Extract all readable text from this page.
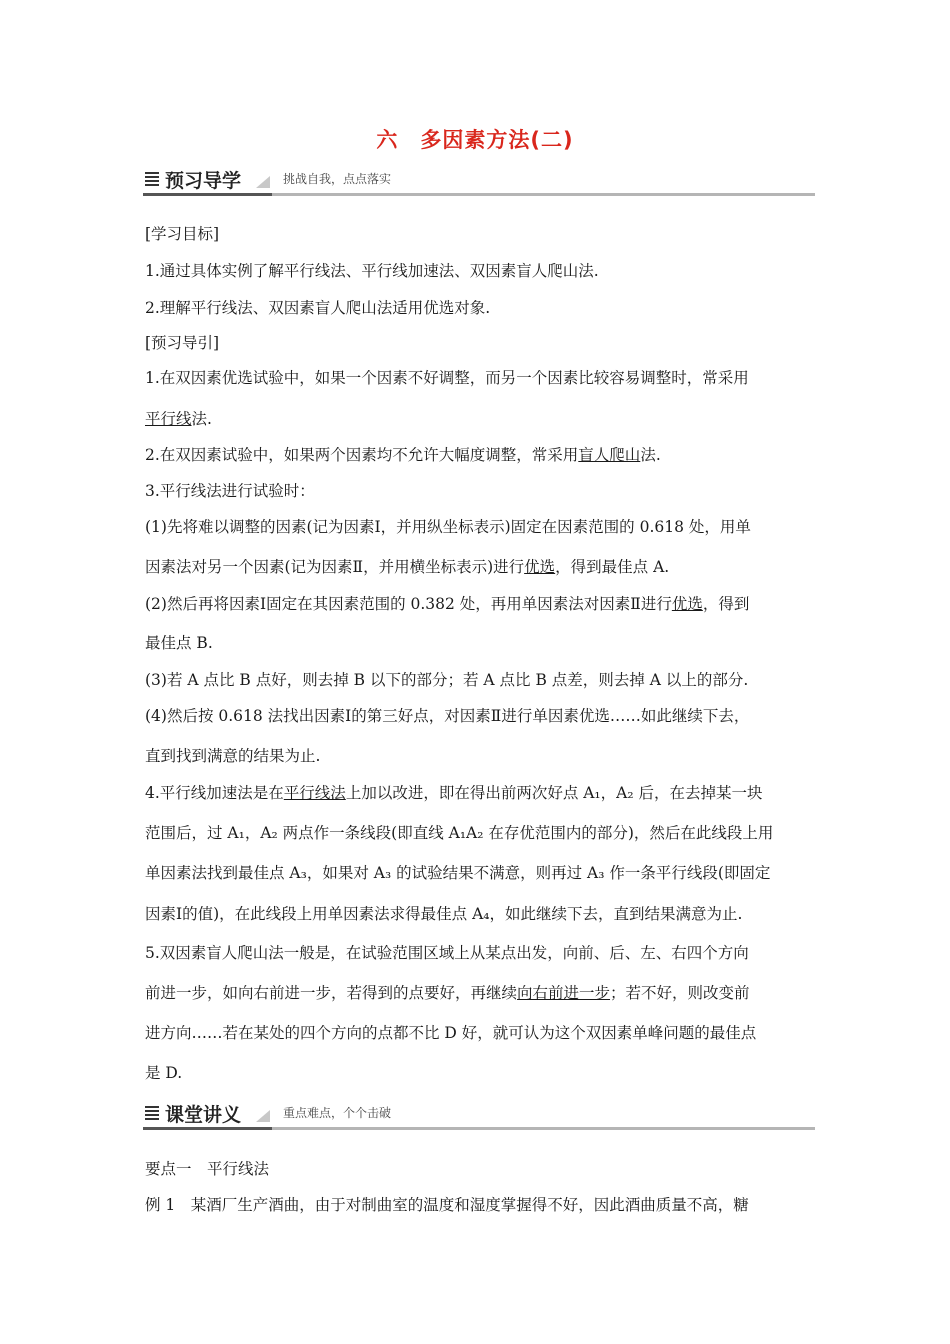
六　多因素方法(二)
预习导学	挑战自我，点点落实
[学习目标]
1.通过具体实例了解平行线法、平行线加速法、双因素盲人爬山法.
2.理解平行线法、双因素盲人爬山法适用优选对象.
[预习导引]
1.在双因素优选试验中，如果一个因素不好调整，而另一个因素比较容易调整时，常采用
平行线法.
2.在双因素试验中，如果两个因素均不允许大幅度调整，常采用盲人爬山法.
3.平行线法进行试验时：
(1)先将难以调整的因素(记为因素Ⅰ，并用纵坐标表示)固定在因素范围的 0.618 处，用单
因素法对另一个因素(记为因素Ⅱ，并用横坐标表示)进行优选，得到最佳点 A.
(2)然后再将因素Ⅰ固定在其因素范围的 0.382 处，再用单因素法对因素Ⅱ进行优选，得到
最佳点 B.
(3)若 A 点比 B 点好，则去掉 B 以下的部分；若 A 点比 B 点差，则去掉 A 以上的部分.
(4)然后按 0.618 法找出因素Ⅰ的第三好点，对因素Ⅱ进行单因素优选……如此继续下去，
直到找到满意的结果为止.
4.平行线加速法是在平行线法上加以改进，即在得出前两次好点 A₁，A₂ 后，在去掉某一块
范围后，过 A₁，A₂ 两点作一条线段(即直线 A₁A₂ 在存优范围内的部分)，然后在此线段上用
单因素法找到最佳点 A₃，如果对 A₃ 的试验结果不满意，则再过 A₃ 作一条平行线段(即固定
因素Ⅰ的值)，在此线段上用单因素法求得最佳点 A₄，如此继续下去，直到结果满意为止.
5.双因素盲人爬山法一般是，在试验范围区域上从某点出发，向前、后、左、右四个方向
前进一步，如向右前进一步，若得到的点要好，再继续向右前进一步；若不好，则改变前
进方向……若在某处的四个方向的点都不比 D 好，就可认为这个双因素单峰问题的最佳点
是 D.
课堂讲义	重点难点，个个击破
要点一　平行线法
例 1　某酒厂生产酒曲，由于对制曲室的温度和湿度掌握得不好，因此酒曲质量不高，糖
